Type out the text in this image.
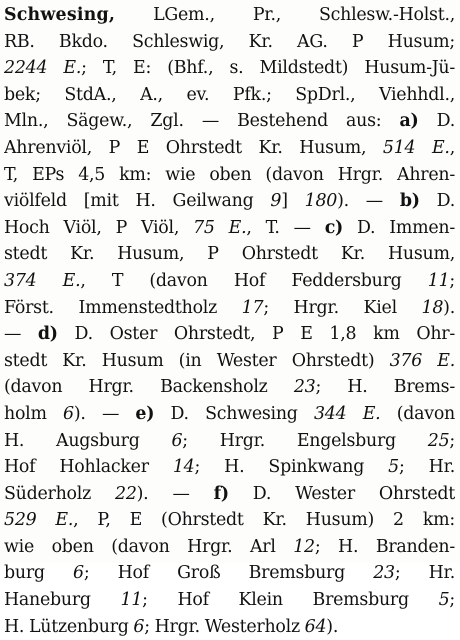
Schwesing, LGem., Pr., Schlesw.-Holst.,
RB. Bkdo. Schleswig, Kr. AG. P Husum;
2244 E.; T, E: (Bhf., s. Mildstedt) Husum-Jü-
bek; StdA., A., ev. Pfk.; SpDrl., Viehhdl.,
Mln., Sägew., Zgl. — Bestehend aus: a) D.
Ahrenviöl, P E Ohrstedt Kr. Husum, 514 E.,
T, EPs 4,5 km: wie oben (davon Hrgr. Ahren-
viölfeld [mit H. Geilwang 9] 180). — b) D.
Hoch Viöl, P Viöl, 75 E., T. — c) D. Immen-
stedt Kr. Husum, P Ohrstedt Kr. Husum,
374 E., T (davon Hof Feddersburg 11;
Först. Immenstedtholz 17; Hrgr. Kiel 18).
— d) D. Oster Ohrstedt, P E 1,8 km Ohr-
stedt Kr. Husum (in Wester Ohrstedt) 376 E.
(davon Hrgr. Backensholz 23; H. Brems-
holm 6). — e) D. Schwesing 344 E. (davon
H. Augsburg 6; Hrgr. Engelsburg 25;
Hof Hohlacker 14; H. Spinkwang 5; Hr.
Süderholz 22). — f) D. Wester Ohrstedt
529 E., P, E (Ohrstedt Kr. Husum) 2 km:
wie oben (davon Hrgr. Arl 12; H. Branden-
burg 6; Hof Groß Bremsburg 23; Hr.
Haneburg 11; Hof Klein Bremsburg 5;
H. Lützenburg 6; Hrgr. Westerholz 64).
